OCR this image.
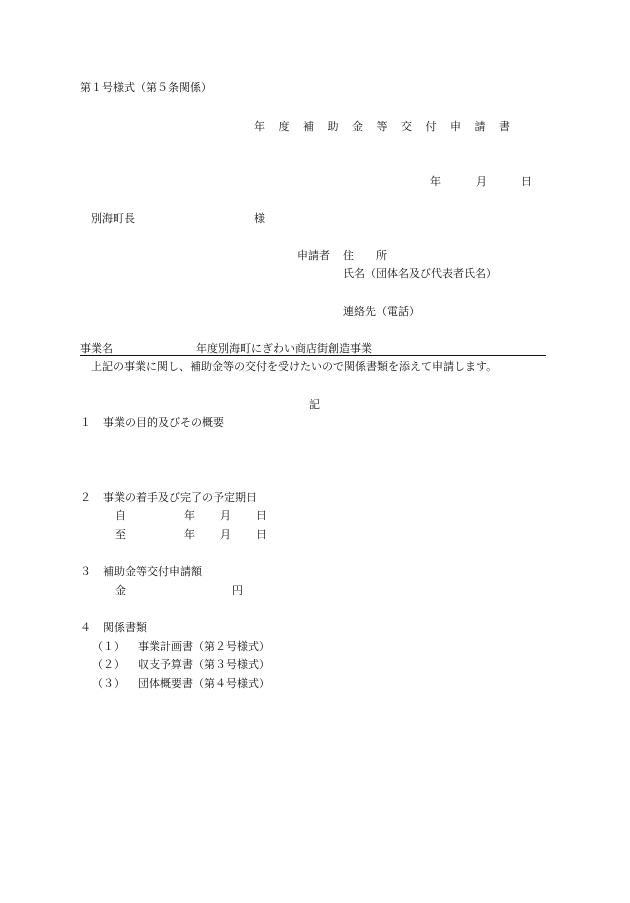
第１号様式（第５条関係）
年 度 補 助 金 等 交 付 申 請 書
年	月	日
別海町長	様
申請者 住　　所
氏名（団体名及び代表者氏名）
連絡先（電話）
事業名	年度別海町にぎわい商店街創造事業
上記の事業に関し、補助金等の交付を受けたいので関係書類を添えて申請します。
記
１ 事業の目的及びその概要
２ 事業の着手及び完了の予定期日
自	年 月 日
至	年 月 日
３ 補助金等交付申請額
金	円
４ 関係書類
（１） 事業計画書（第２号様式）
（２） 収支予算書（第３号様式）
（３） 団体概要書（第４号様式）
